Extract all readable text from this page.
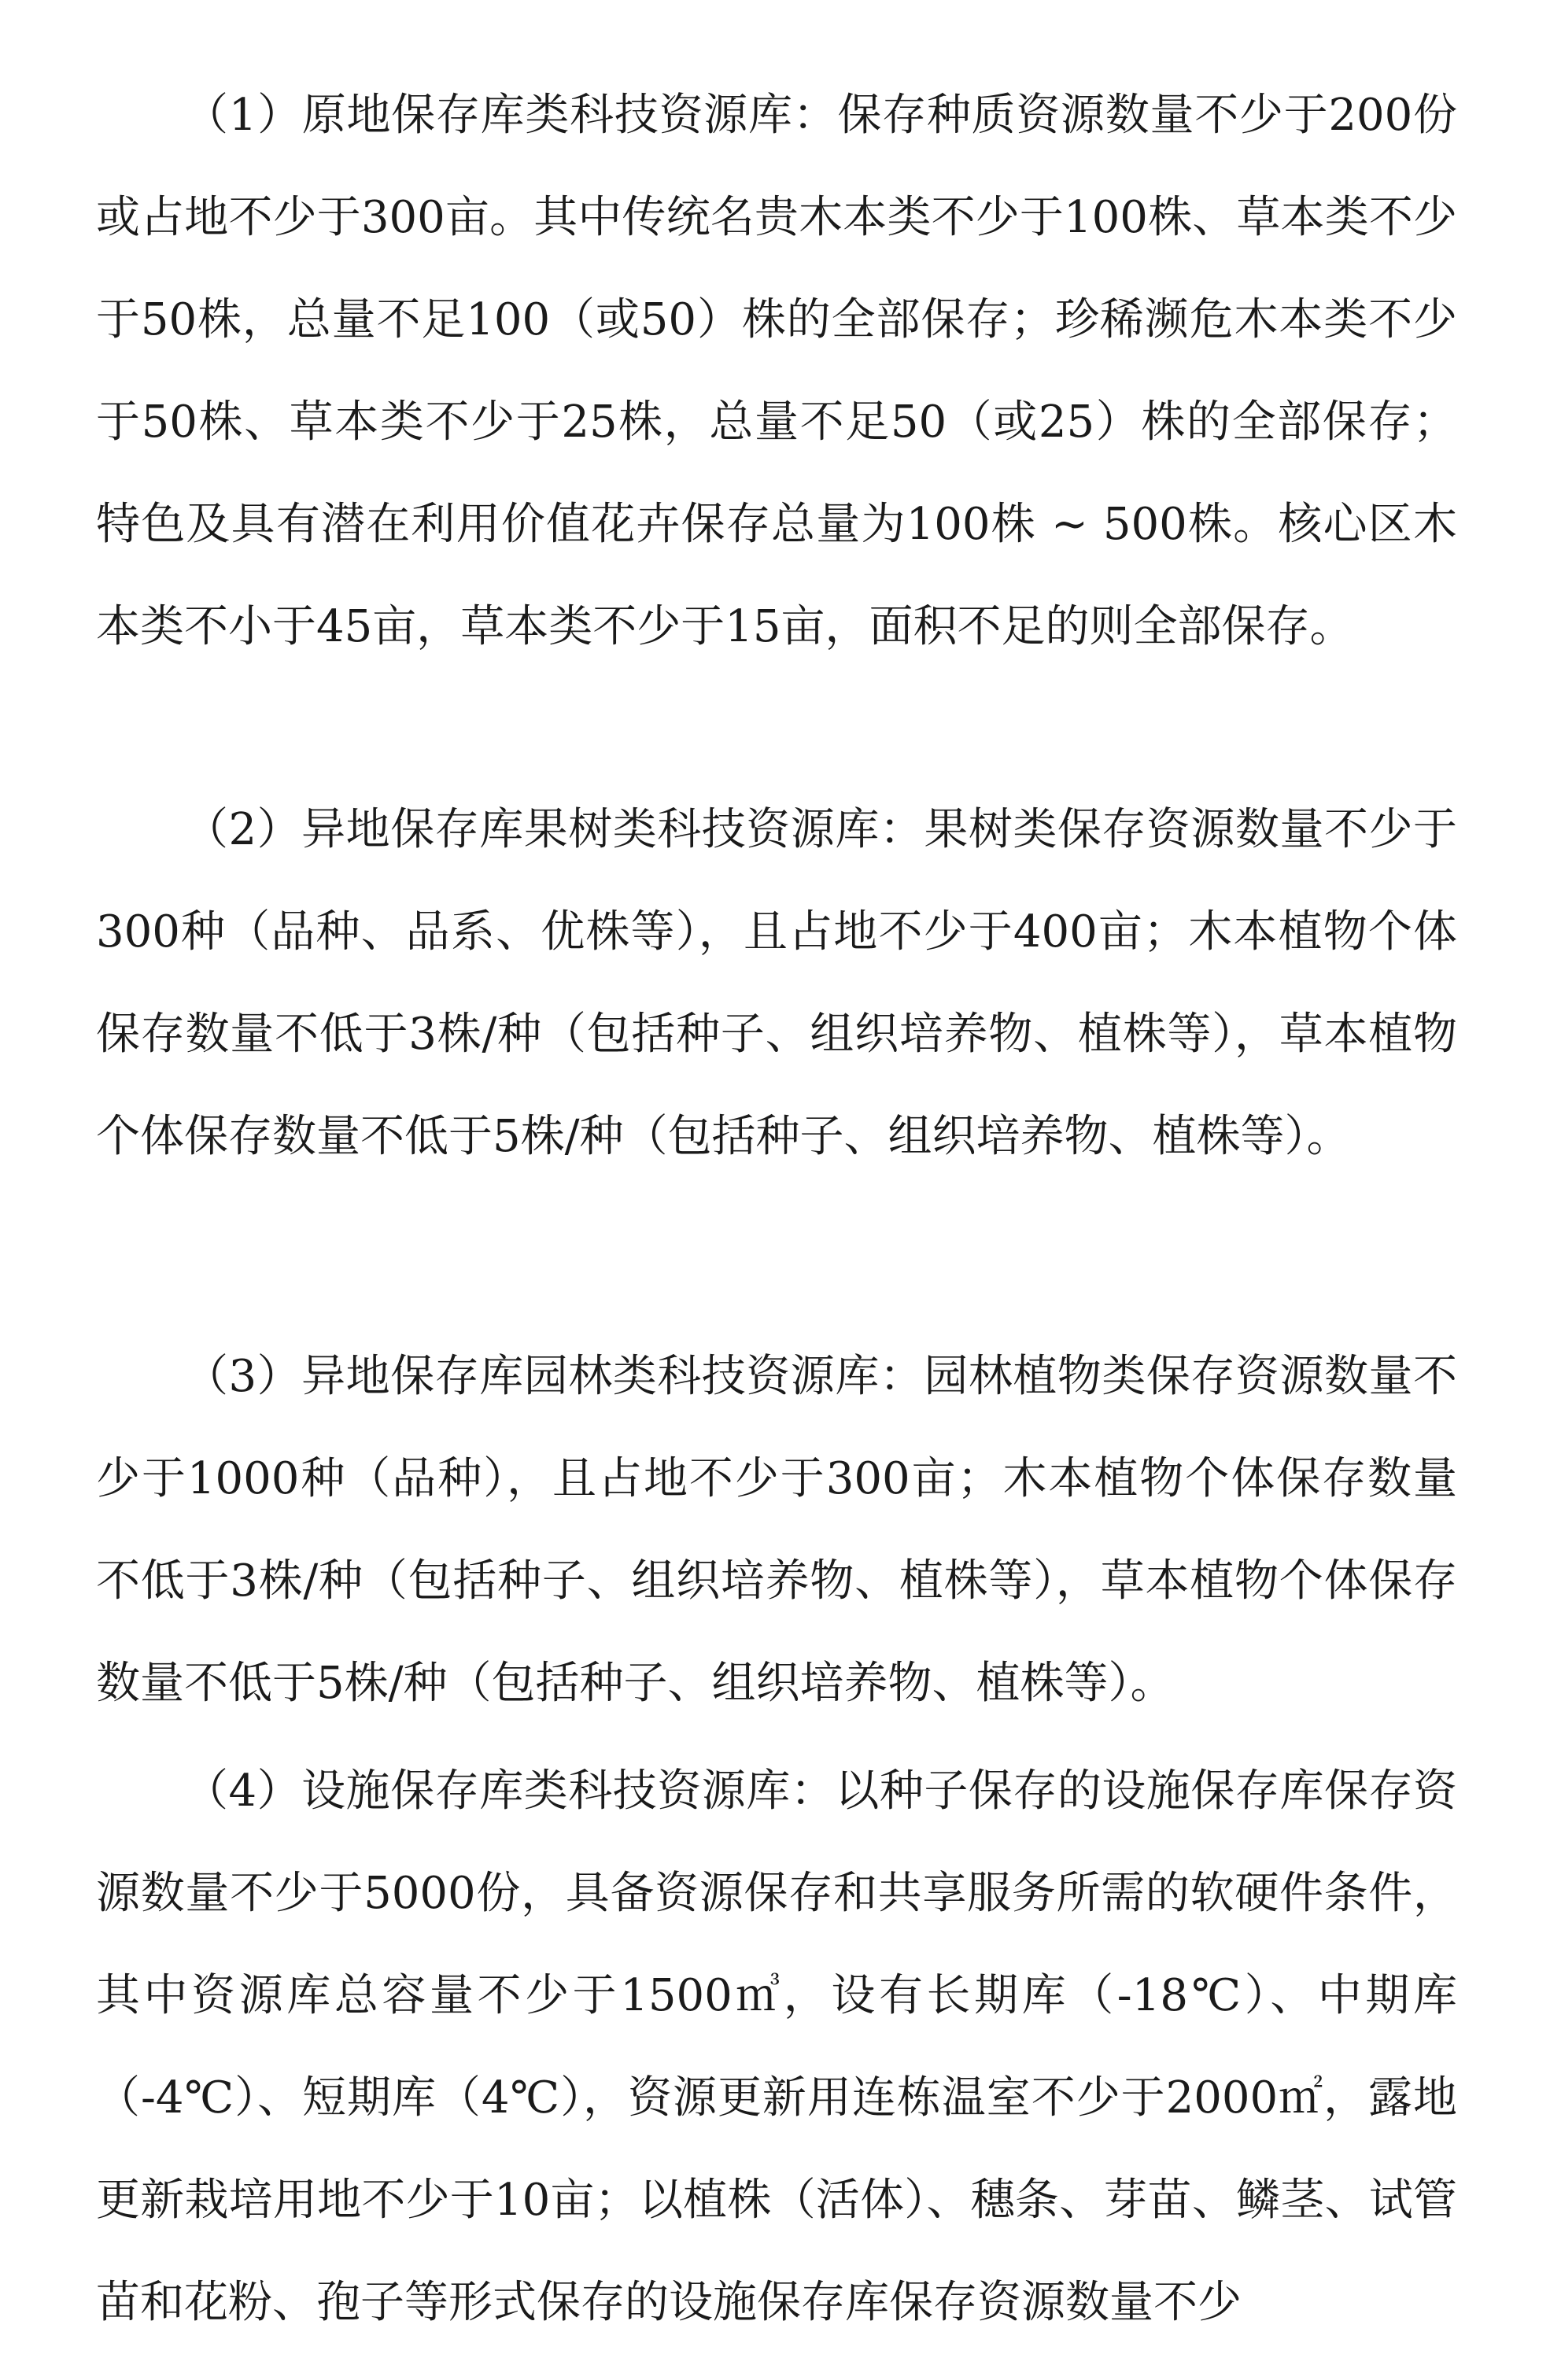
（1）原地保存库类科技资源库：保存种质资源数量不少于200份或占地不少于300亩。其中传统名贵木本类不少于100株、草本类不少于50株，总量不足100（或50）株的全部保存；珍稀濒危木本类不少于50株、草本类不少于25株，总量不足50（或25）株的全部保存；特色及具有潜在利用价值花卉保存总量为100株 ~ 500株。核心区木本类不小于45亩，草本类不少于15亩，面积不足的则全部保存。

（2）异地保存库果树类科技资源库：果树类保存资源数量不少于300种（品种、品系、优株等），且占地不少于400亩；木本植物个体保存数量不低于3株/种（包括种子、组织培养物、植株等），草本植物个体保存数量不低于5株/种（包括种子、组织培养物、植株等）。

（3）异地保存库园林类科技资源库：园林植物类保存资源数量不少于1000种（品种），且占地不少于300亩；木本植物个体保存数量不低于3株/种（包括种子、组织培养物、植株等），草本植物个体保存数量不低于5株/种（包括种子、组织培养物、植株等）。

（4）设施保存库类科技资源库：以种子保存的设施保存库保存资源数量不少于5000份，具备资源保存和共享服务所需的软硬件条件，其中资源库总容量不少于1500㎥，设有长期库（-18℃）、中期库（-4℃）、短期库（4℃），资源更新用连栋温室不少于2000㎡，露地更新栽培用地不少于10亩；以植株（活体）、穗条、芽苗、鳞茎、试管苗和花粉、孢子等形式保存的设施保存库保存资源数量不少
